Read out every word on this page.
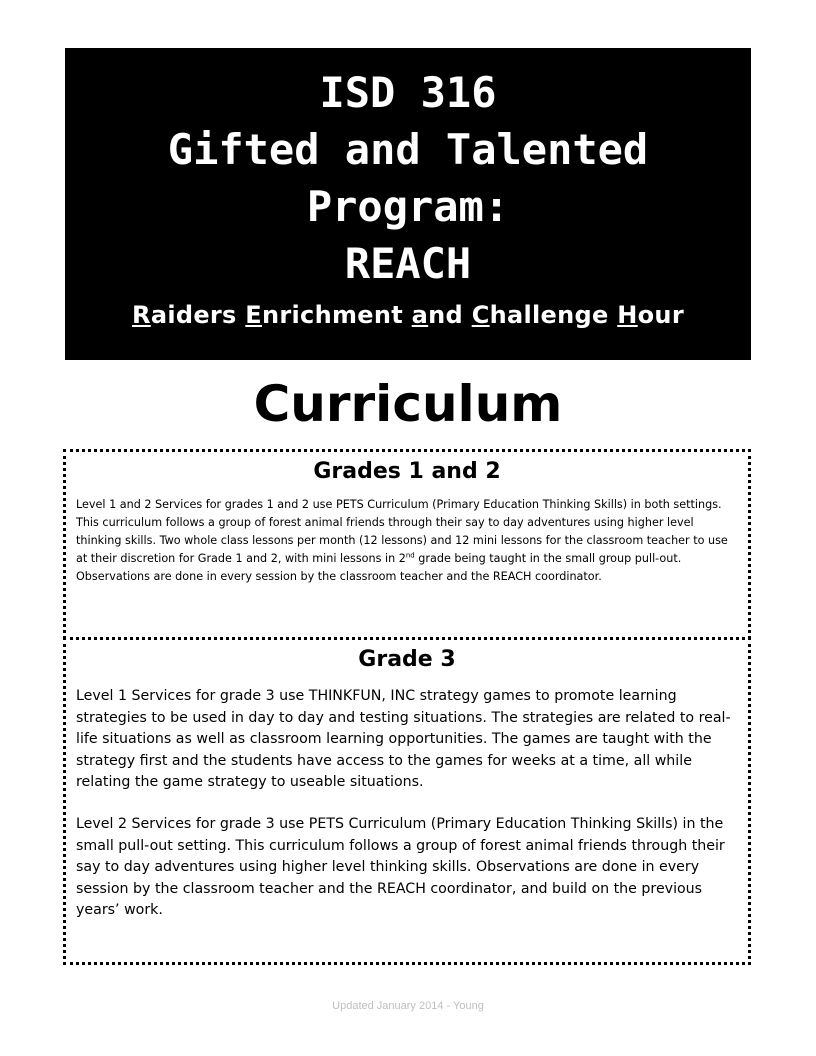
ISD 316
Gifted and Talented
Program:
REACH
Raiders Enrichment and Challenge Hour
Curriculum
Grades 1 and 2

Level 1 and 2 Services for grades 1 and 2 use PETS Curriculum (Primary Education Thinking Skills) in both settings. This curriculum follows a group of forest animal friends through their say to day adventures using higher level thinking skills. Two whole class lessons per month (12 lessons) and 12 mini lessons for the classroom teacher to use at their discretion for Grade 1 and 2, with mini lessons in 2nd grade being taught in the small group pull-out. Observations are done in every session by the classroom teacher and the REACH coordinator.

Grade 3

Level 1 Services for grade 3 use THINKFUN, INC strategy games to promote learning strategies to be used in day to day and testing situations. The strategies are related to real-life situations as well as classroom learning opportunities. The games are taught with the strategy first and the students have access to the games for weeks at a time, all while relating the game strategy to useable situations.

Level 2 Services for grade 3 use PETS Curriculum (Primary Education Thinking Skills) in the small pull-out setting. This curriculum follows a group of forest animal friends through their say to day adventures using higher level thinking skills. Observations are done in every session by the classroom teacher and the REACH coordinator, and build on the previous years’ work.

Updated January 2014 - Young
